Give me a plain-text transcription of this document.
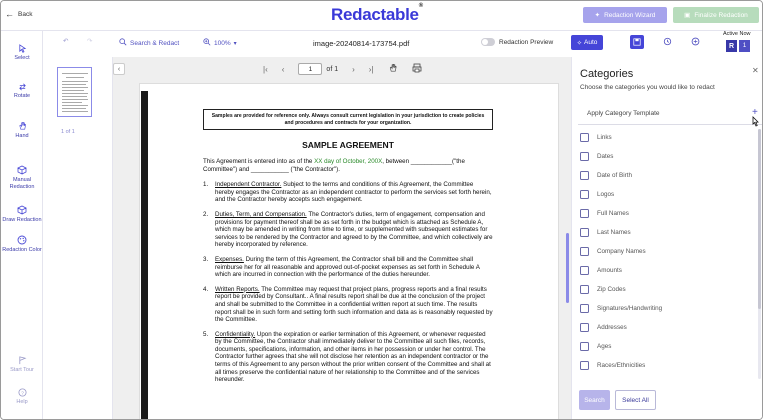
← Back	Redactable®
✦ Redaction Wizard	▣ Finalize Redaction
Select
Rotate
Hand
Manual Redaction
Draw Redaction
Redaction Color
Start Tour
?
Help
↶	↷	Search & Redact	100% ▾	image-20240814-173754.pdf	Redaction Preview	✧ Auto
Active Now
R	1
1 of 1
‹	|‹ ‹	1	of 1 › ›|
Samples are provided for reference only. Always consult current legislation in your jurisdiction to create policies and procedures and contracts for your organization.
SAMPLE AGREEMENT
This Agreement is entered into as of the XX day of October, 200X, between ____________("the Committee") and ___________ ("the Contractor").
1.	Independent Contractor. Subject to the terms and conditions of this Agreement, the Committee hereby engages the Contractor as an independent contractor to perform the services set forth herein, and the Contractor hereby accepts such engagement.
2.	Duties, Term, and Compensation. The Contractor's duties, term of engagement, compensation and provisions for payment thereof shall be as set forth in the budget which is attached as Schedule A, which may be amended in writing from time to time, or supplemented with subsequent estimates for services to be rendered by the Contractor and agreed to by the Committee, and which collectively are hereby incorporated by reference.
3.	Expenses. During the term of this Agreement, the Contractor shall bill and the Committee shall reimburse her for all reasonable and approved out-of-pocket expenses as set forth in Schedule A which are incurred in connection with the performance of the duties hereunder.
4.	Written Reports. The Committee may request that project plans, progress reports and a final results report be provided by Consultant.. A final results report shall be due at the conclusion of the project and shall be submitted to the Committee in a confidential written report at such time. The results report shall be in such form and setting forth such information and data as is reasonably requested by the Committee.
5.	Confidentiality. Upon the expiration or earlier termination of this Agreement, or whenever requested by the Committee, the Contractor shall immediately deliver to the Committee all such files, records, documents, specifications, information, and other items in her possession or under her control. The Contractor further agrees that she will not disclose her retention as an independent contractor or the terms of this Agreement to any person without the prior written consent of the Committee and shall at all times preserve the confidential nature of her relationship to the Committee and of the services hereunder.
Categories	✕
Choose the categories you would like to redact
Apply Category Template	+
Links
Dates
Date of Birth
Logos
Full Names
Last Names
Company Names
Amounts
Zip Codes
Signatures/Handwriting
Addresses
Ages
Races/Ethnicities
Search	Select All
